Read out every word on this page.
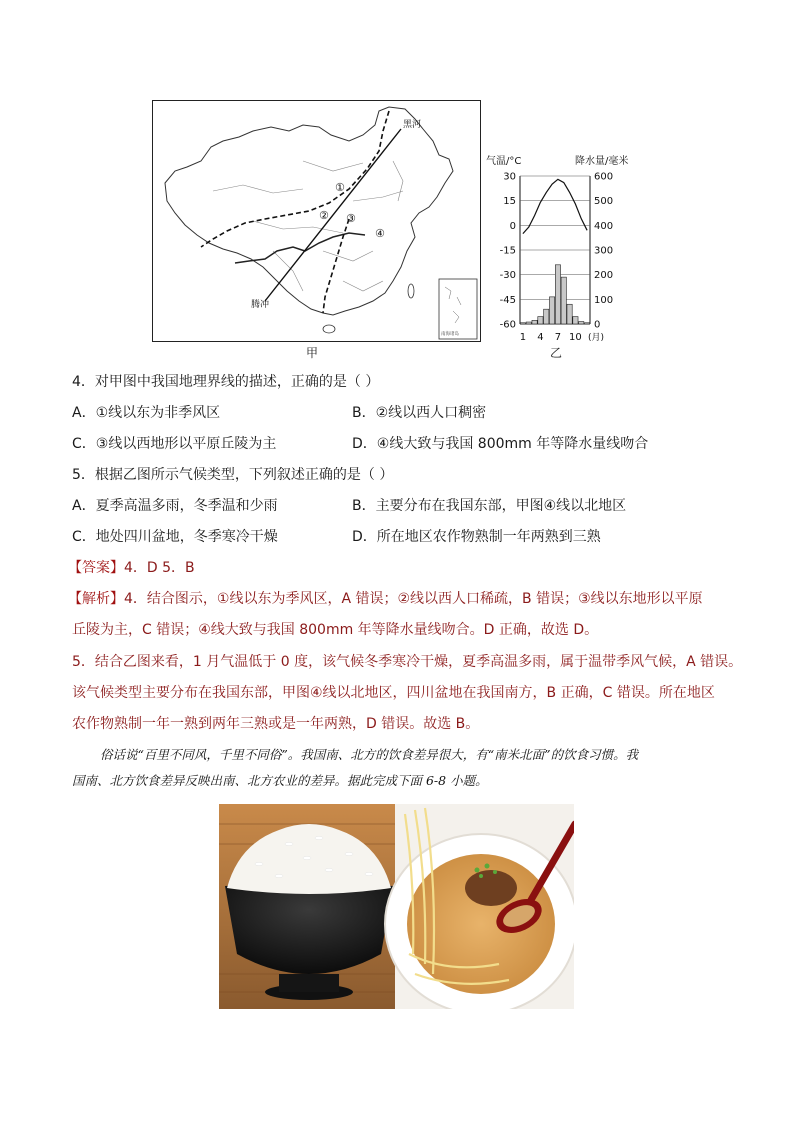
黑河
腾冲
①
② ③
④
南海诸岛
甲
气温/°C	降水量/毫米
30	600
15	500
0	400
-15	300
-30	200
-45	100
-60	0
1 4 7 10 (月)
乙
4．对甲图中我国地理界线的描述，正确的是（ ）
A．①线以东为非季风区	B．②线以西人口稠密
C．③线以西地形以平原丘陵为主	D．④线大致与我国 800mm 年等降水量线吻合
5．根据乙图所示气候类型，下列叙述正确的是（ ）
A．夏季高温多雨，冬季温和少雨	B．主要分布在我国东部，甲图④线以北地区
C．地处四川盆地，冬季寒冷干燥	D．所在地区农作物熟制一年两熟到三熟
【答案】4．D 5．B
【解析】4．结合图示，①线以东为季风区，A 错误；②线以西人口稀疏，B 错误；③线以东地形以平原
丘陵为主，C 错误；④线大致与我国 800mm 年等降水量线吻合。D 正确，故选 D。
5．结合乙图来看，1 月气温低于 0 度，该气候冬季寒冷干燥，夏季高温多雨，属于温带季风气候，A 错误。
该气候类型主要分布在我国东部，甲图④线以北地区，四川盆地在我国南方，B 正确，C 错误。所在地区
农作物熟制一年一熟到两年三熟或是一年两熟，D 错误。故选 B。
俗话说“百里不同风，千里不同俗”。我国南、北方的饮食差异很大，有“南米北面”的饮食习惯。我
国南、北方饮食差异反映出南、北方农业的差异。据此完成下面 6-8 小题。
